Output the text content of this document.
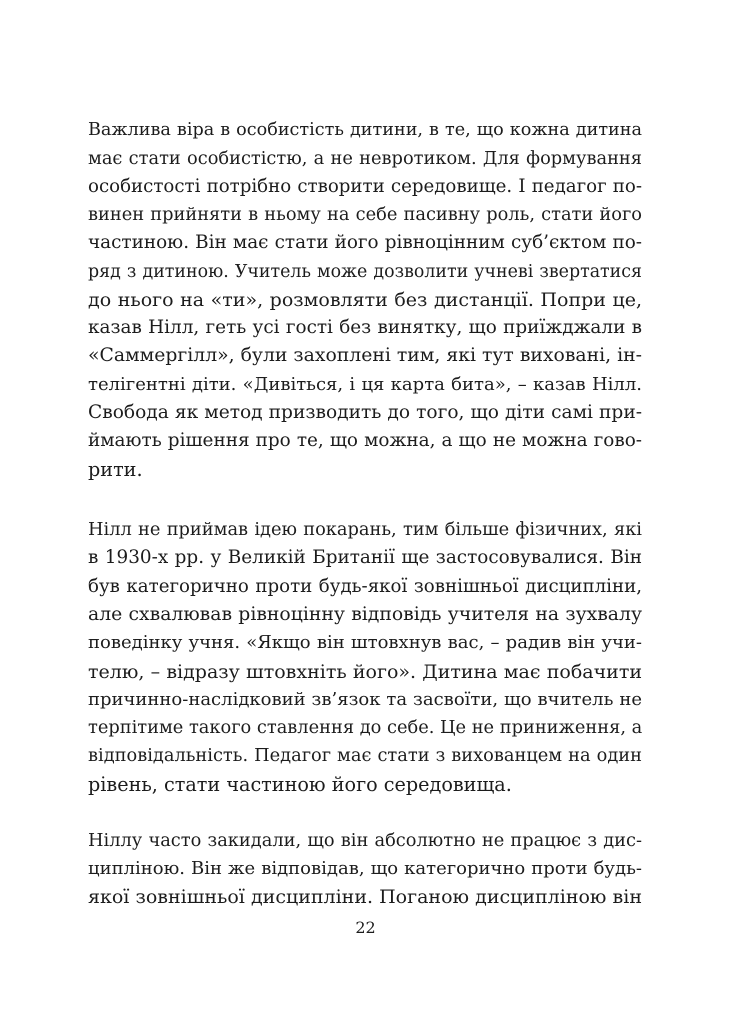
Важлива віра в особистість дитини, в те, що кожна дитина
має стати особистістю, а не невротиком. Для формування
особистості потрібно створити середовище. І педагог по-
винен прийняти в ньому на себе пасивну роль, стати його
частиною. Він має стати його рівноцінним суб’єктом по-
ряд з дитиною. Учитель може дозволити учневі звертатися
до нього на «ти», розмовляти без дистанції. Попри це,
казав Нілл, геть усі гості без винятку, що приїжджали в
«Саммергілл», були захоплені тим, які тут виховані, ін-
телігентні діти. «Дивіться, і ця карта бита», – казав Нілл.
Свобода як метод призводить до того, що діти самі при-
ймають рішення про те, що можна, а що не можна гово-
рити.
Нілл не приймав ідею покарань, тим більше фізичних, які
в 1930-х рр. у Великій Британії ще застосовувалися. Він
був категорично проти будь-якої зовнішньої дисципліни,
але схвалював рівноцінну відповідь учителя на зухвалу
поведінку учня. «Якщо він штовхнув вас, – радив він учи-
телю, – відразу штовхніть його». Дитина має побачити
причинно-наслідковий зв’язок та засвоїти, що вчитель не
терпітиме такого ставлення до себе. Це не приниження, а
відповідальність. Педагог має стати з вихованцем на один
рівень, стати частиною його середовища.
Ніллу часто закидали, що він абсолютно не працює з дис-
ципліною. Він же відповідав, що категорично проти будь-
якої зовнішньої дисципліни. Поганою дисципліною він
22
